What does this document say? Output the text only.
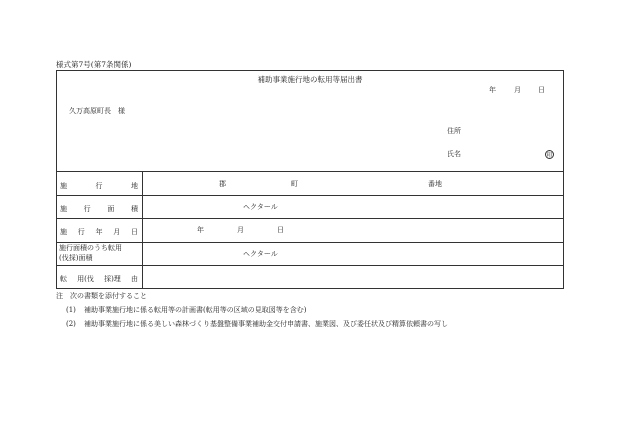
様式第7号(第7条関係)
補助事業施行地の転用等届出書
年	月 日
久万高原町長　様
住所
氏名	印
施	行	地	郡	町	番地
施 行 面 積	ヘクタール
施 行 年 月 日	年	月	日
施行面積のうち転用
(伐採)面積	ヘクタール
転 用(伐 採)理 由
注　次の書類を添付すること
(1) 補助事業施行地に係る転用等の計画書(転用等の区域の見取図等を含む)
(2) 補助事業施行地に係る美しい森林づくり基盤整備事業補助金交付申請書、施業図、及び委任状及び精算依頼書の写し
